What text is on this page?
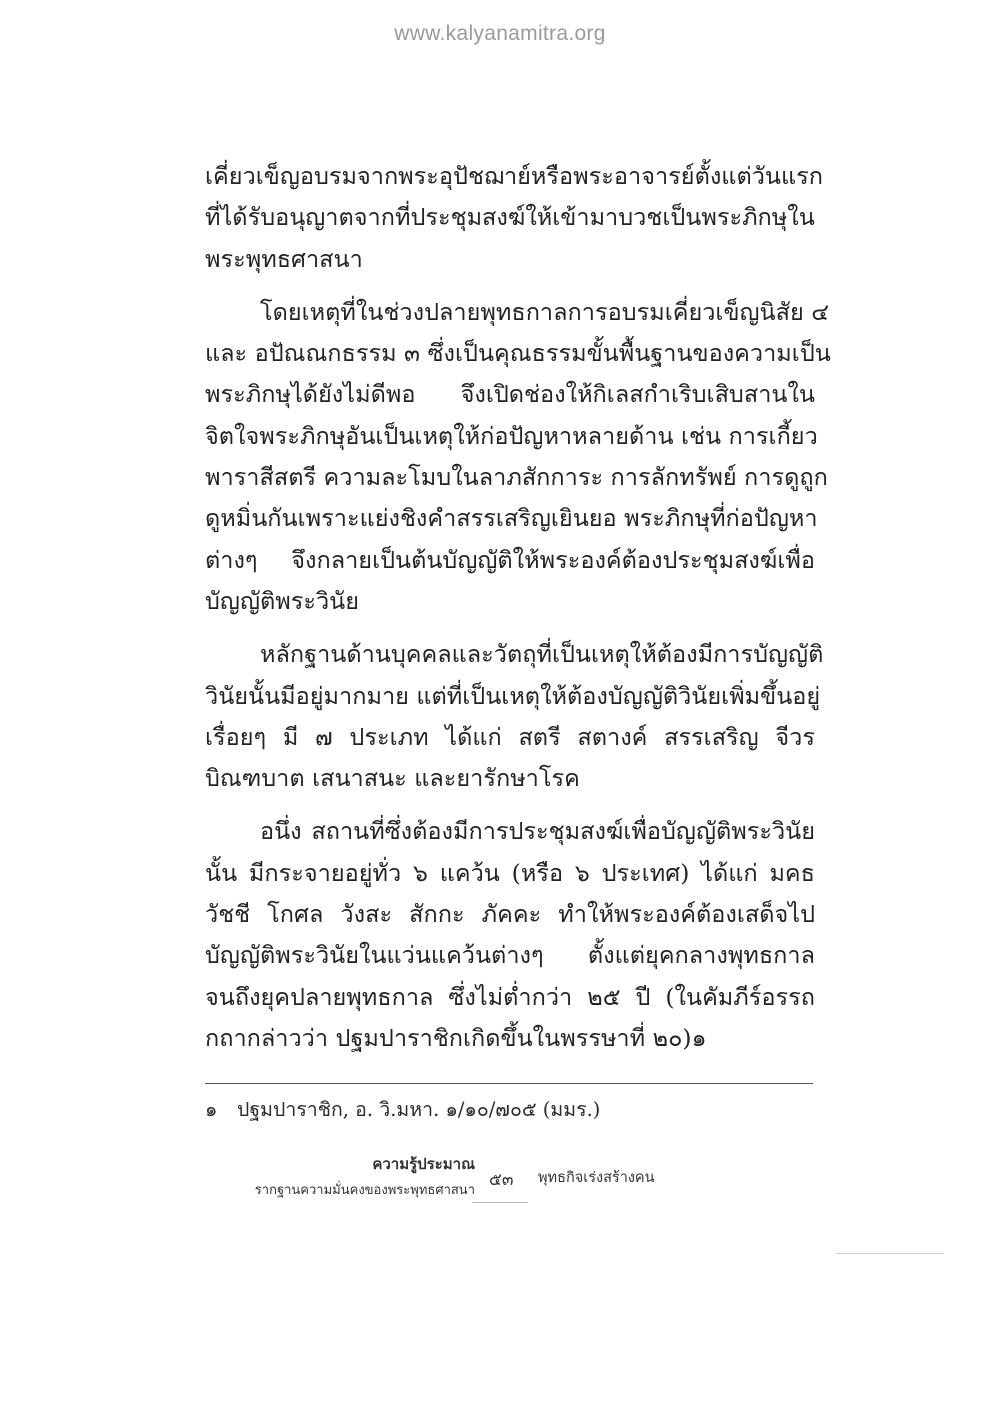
www.kalyanamitra.org

เคี่ยวเข็ญอบรมจากพระอุปัชฌาย์หรือพระอาจารย์ตั้งแต่วันแรก
ที่ได้รับอนุญาตจากที่ประชุมสงฆ์ให้เข้ามาบวชเป็นพระภิกษุใน
พระพุทธศาสนา

โดยเหตุที่ในช่วงปลายพุทธกาลการอบรมเคี่ยวเข็ญนิสัย ๔
และ อปัณณกธรรม ๓ ซึ่งเป็นคุณธรรมขั้นพื้นฐานของความเป็น
พระภิกษุได้ยังไม่ดีพอ จึงเปิดช่องให้กิเลสกำเริบเสิบสานใน
จิตใจพระภิกษุอันเป็นเหตุให้ก่อปัญหาหลายด้าน เช่น การเกี้ยว
พาราสีสตรี ความละโมบในลาภสักการะ การลักทรัพย์ การดูถูก
ดูหมิ่นกันเพราะแย่งชิงคำสรรเสริญเยินยอ พระภิกษุที่ก่อปัญหา
ต่างๆ จึงกลายเป็นต้นบัญญัติให้พระองค์ต้องประชุมสงฆ์เพื่อ
บัญญัติพระวินัย

หลักฐานด้านบุคคลและวัตถุที่เป็นเหตุให้ต้องมีการบัญญัติ
วินัยนั้นมีอยู่มากมาย แต่ที่เป็นเหตุให้ต้องบัญญัติวินัยเพิ่มขึ้นอยู่
เรื่อยๆ มี ๗ ประเภท ได้แก่ สตรี สตางค์ สรรเสริญ จีวร
บิณฑบาต เสนาสนะ และยารักษาโรค

อนึ่ง สถานที่ซึ่งต้องมีการประชุมสงฆ์เพื่อบัญญัติพระวินัย
นั้น มีกระจายอยู่ทั่ว ๖ แคว้น (หรือ ๖ ประเทศ) ได้แก่ มคธ
วัชชี โกศล วังสะ สักกะ ภัคคะ ทำให้พระองค์ต้องเสด็จไป
บัญญัติพระวินัยในแว่นแคว้นต่างๆ ตั้งแต่ยุคกลางพุทธกาล
จนถึงยุคปลายพุทธกาล ซึ่งไม่ต่ำกว่า ๒๕ ปี (ในคัมภีร์อรรถ
กถากล่าวว่า ปฐมปาราชิกเกิดขึ้นในพรรษาที่ ๒๐)๑

๑ ปฐมปาราชิก, อ. วิ.มหา. ๑/๑๐/๗๐๕ (มมร.)
ความรู้ประมาณ
รากฐานความมั่นคงของพระพุทธศาสนา
๕๓ พุทธกิจเร่งสร้างคน
